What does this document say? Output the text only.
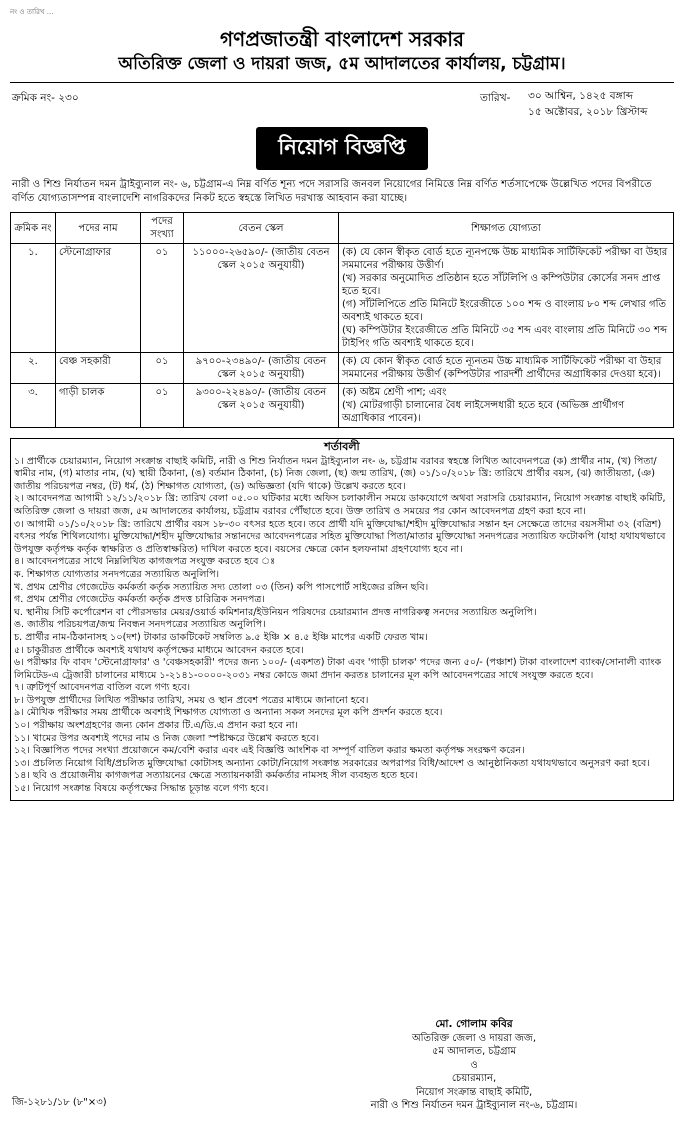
নং ও তারিখ ...
গণপ্রজাতন্ত্রী বাংলাদেশ সরকার
অতিরিক্ত জেলা ও দায়রা জজ, ৫ম আদালতের কার্যালয়, চট্টগ্রাম।
ক্রমিক নং- ২৩০	তারিখ- ৩০ আশ্বিন, ১৪২৫ বঙ্গাব্দ
১৫ অক্টোবর, ২০১৮ খ্রিস্টাব্দ
নিয়োগ বিজ্ঞপ্তি

নারী ও শিশু নির্যাতন দমন ট্রাইব্যুনাল নং- ৬, চট্টগ্রাম-এ নিম্ন বর্ণিত শূন্য পদে সরাসরি জনবল নিয়োগের নিমিত্তে নিম্ন বর্ণিত শর্তসাপেক্ষে উল্লেখিত পদের বিপরীতে বর্ণিত যোগ্যতাসম্পন্ন বাংলাদেশি নাগরিকদের নিকট হতে স্বহস্তে লিখিত দরখাস্ত আহবান করা যাচ্ছে।

ক্রমিক নং	পদের নাম	পদের সংখ্যা	বেতন স্কেল	শিক্ষাগত যোগ্যতা
১.	স্টেনোগ্রাফার	০১	১১০০০-২৬৫৯০/- (জাতীয় বেতন স্কেল ২০১৫ অনুযায়ী)	(ক) যে কোন স্বীকৃত বোর্ড হতে ন্যূনপক্ষে উচ্চ মাধ্যমিক সার্টিফিকেট পরীক্ষা বা উহার সমমানের পরীক্ষায় উত্তীর্ণ।
(খ) সরকার অনুমোদিত প্রতিষ্ঠান হতে সাঁটলিপি ও কম্পিউটার কোর্সের সনদ প্রাপ্ত হতে হবে।
(গ) সাঁটলিপিতে প্রতি মিনিটে ইংরেজীতে ১০০ শব্দ ও বাংলায় ৮০ শব্দ লেখার গতি অবশ্যই থাকতে হবে।
(ঘ) কম্পিউটার ইংরেজীতে প্রতি মিনিটে ৩৫ শব্দ এবং বাংলায় প্রতি মিনিটে ৩০ শব্দ টাইপিং গতি অবশ্যই থাকতে হবে।

২.	বেঞ্চ সহকারী	০১	৯৭০০-২৩৪৯০/- (জাতীয় বেতন স্কেল ২০১৫ অনুযায়ী)	(ক) যে কোন স্বীকৃত বোর্ড হতে ন্যূনতম উচ্চ মাধ্যমিক সার্টিফিকেট পরীক্ষা বা উহার সমমানের পরীক্ষায় উত্তীর্ণ (কম্পিউটার পারদর্শী প্রার্থীদের অগ্রাধিকার দেওয়া হবে)।

৩.	গাড়ী চালক	০১	৯৩০০-২২৪৯০/- (জাতীয় বেতন স্কেল ২০১৫ অনুযায়ী)	(ক) অষ্টম শ্রেণী পাশ; এবং
(খ) মোটরগাড়ী চালানোর বৈধ লাইসেন্সধারী হতে হবে (অভিজ্ঞ প্রার্থীগণ অগ্রাধিকার পাবেন)।
শর্তাবলী

১। প্রার্থীকে চেয়ারম্যান, নিয়োগ সংক্রান্ত বাছাই কমিটি, নারী ও শিশু নির্যাতন দমন ট্রাইব্যুনাল নং- ৬, চট্টগ্রাম বরাবর স্বহস্তে লিখিত আবেদনপত্রে (ক) প্রার্থীর নাম, (খ) পিতা/স্বামীর নাম, (গ) মাতার নাম, (ঘ) স্থায়ী ঠিকানা, (ঙ) বর্তমান ঠিকানা, (চ) নিজ জেলা, (ছ) জন্ম তারিখ, (জ) ০১/১০/২০১৮ খ্রি: তারিখে প্রার্থীর বয়স, (ঝ) জাতীয়তা, (ঞ) জাতীয় পরিচয়পত্র নম্বর, (ট) ধর্ম, (ঠ) শিক্ষাগত যোগ্যতা, (ড) অভিজ্ঞতা (যদি থাকে) উল্লেখ করতে হবে।

২। আবেদনপত্র আগামী ১২/১১/২০১৮ খ্রি: তারিখ বেলা ০৫.০০ ঘটিকার মধ্যে অফিস চলাকালীন সময়ে ডাকযোগে অথবা সরাসরি চেয়ারম্যান, নিয়োগ সংক্রান্ত বাছাই কমিটি, অতিরিক্ত জেলা ও দায়রা জজ, ৫ম আদালতের কার্যালয়, চট্টগ্রাম বরাবর পৌঁছাতে হবে। উক্ত তারিখ ও সময়ের পর কোন আবেদনপত্র গ্রহণ করা হবে না।

৩। আগামী ০১/১০/২০১৮ খ্রি: তারিখে প্রার্থীর বয়স ১৮-৩০ বৎসর হতে হবে। তবে প্রার্থী যদি মুক্তিযোদ্ধা/শহীদ মুক্তিযোদ্ধার সন্তান হন সেক্ষেত্রে তাদের বয়সসীমা ৩২ (বত্রিশ) বৎসর পর্যন্ত শিথিলযোগ্য। মুক্তিযোদ্ধা/শহীদ মুক্তিযোদ্ধার সন্তানদের আবেদনপত্রের সহিত মুক্তিযোদ্ধা পিতা/মাতার মুক্তিযোদ্ধা সনদপত্রের সত্যায়িত ফটোকপি (যাহা যথাযথভাবে উপযুক্ত কর্তৃপক্ষ কর্তৃক স্বাক্ষরিত ও প্রতিস্বাক্ষরিত) দাখিল করতে হবে। বয়সের ক্ষেত্রে কোন হলফনামা গ্রহণযোগ্য হবে না।

৪। আবেদনপত্রের সাথে নিম্নলিখিত কাগজপত্র সংযুক্ত করতে হবে ঃ

ক. শিক্ষাগত যোগ্যতার সনদপত্রের সত্যায়িত অনুলিপি।

খ. প্রথম শ্রেণীর গেজেটেড কর্মকর্তা কর্তৃক সত্যায়িত সদ্য তোলা ০৩ (তিন) কপি পাসপোর্ট সাইজের রঙ্গিন ছবি।

গ. প্রথম শ্রেণীর গেজেটেড কর্মকর্তা কর্তৃক প্রদত্ত চারিত্রিক সনদপত্র।

ঘ. স্থানীয় সিটি কর্পোরেশন বা পৌরসভার মেয়র/ওয়ার্ড কমিশনার/ইউনিয়ন পরিষদের চেয়ারম্যান প্রদত্ত নাগরিকত্ব সনদের সত্যায়িত অনুলিপি।

ঙ. জাতীয় পরিচয়পত্র/জন্ম নিবন্ধন সনদপত্রের সত্যায়িত অনুলিপি।

চ. প্রার্থীর নাম-ঠিকানাসহ ১০(দশ) টাকার ডাকটিকেট সম্বলিত ৯.৫ ইঞ্চি × ৪.৫ ইঞ্চি মাপের একটি ফেরত খাম।

৫। চাকুরীরত প্রার্থীকে অবশ্যই যথাযথ কর্তৃপক্ষের মাধ্যমে আবেদন করতে হবে।

৬। পরীক্ষার ফি বাবদ 'স্টেনোগ্রাফার' ও 'বেঞ্চসহকারী' পদের জন্য ১০০/- (একশত) টাকা এবং 'গাড়ী চালক' পদের জন্য ৫০/- (পঞ্চাশ) টাকা বাংলাদেশ ব্যাংক/সোনালী ব্যাংক লিমিটেড-এ ট্রেজারী চালানের মাধ্যমে ১-২১৪১-০০০০-২০৩১ নম্বর কোডে জমা প্রদান করতঃ চালানের মূল কপি আবেদনপত্রের সাথে সংযুক্ত করতে হবে।

৭। ত্রুটিপূর্ণ আবেদনপত্র বাতিল বলে গণ্য হবে।

৮। উপযুক্ত প্রার্থীদের লিখিত পরীক্ষার তারিখ, সময় ও স্থান প্রবেশ পত্রের মাধ্যমে জানানো হবে।

৯। মৌখিক পরীক্ষার সময় প্রার্থীকে অবশ্যই শিক্ষাগত যোগ্যতা ও অন্যান্য সকল সনদের মূল কপি প্রদর্শন করতে হবে।

১০। পরীক্ষায় অংশগ্রহণের জন্য কোন প্রকার টি.এ/ডি.এ প্রদান করা হবে না।

১১। খামের উপর অবশ্যই পদের নাম ও নিজ জেলা স্পষ্টাক্ষরে উল্লেখ করতে হবে।

১২। বিজ্ঞাপিত পদের সংখ্যা প্রয়োজনে কম/বেশি করার এবং এই বিজ্ঞপ্তি আংশিক বা সম্পূর্ণ বাতিল করার ক্ষমতা কর্তৃপক্ষ সংরক্ষণ করেন।

১৩। প্রচলিত নিয়োগ বিধি/প্রচলিত মুক্তিযোদ্ধা কোটাসহ অন্যান্য কোটা/নিয়োগ সংক্রান্ত সরকারের অপরাপর বিধি/আদেশ ও আনুষ্ঠানিকতা যথাযথভাবে অনুসরণ করা হবে।

১৪। ছবি ও প্রয়োজনীয় কাগজপত্র সত্যায়নের ক্ষেত্রে সত্যায়নকারী কর্মকর্তার নামসহ সীল ব্যবহৃত হতে হবে।

১৫। নিয়োগ সংক্রান্ত বিষয়ে কর্তৃপক্ষের সিদ্ধান্ত চূড়ান্ত বলে গণ্য হবে।

মো. গোলাম কবির
অতিরিক্ত জেলা ও দায়রা জজ,
৫ম আদালত, চট্টগ্রাম
ও
চেয়ারম্যান,
নিয়োগ সংক্রান্ত বাছাই কমিটি,
নারী ও শিশু নির্যাতন দমন ট্রাইব্যুনাল নং-৬, চট্টগ্রাম।
জি-১২৮১/১৮ (৮"×৩)
